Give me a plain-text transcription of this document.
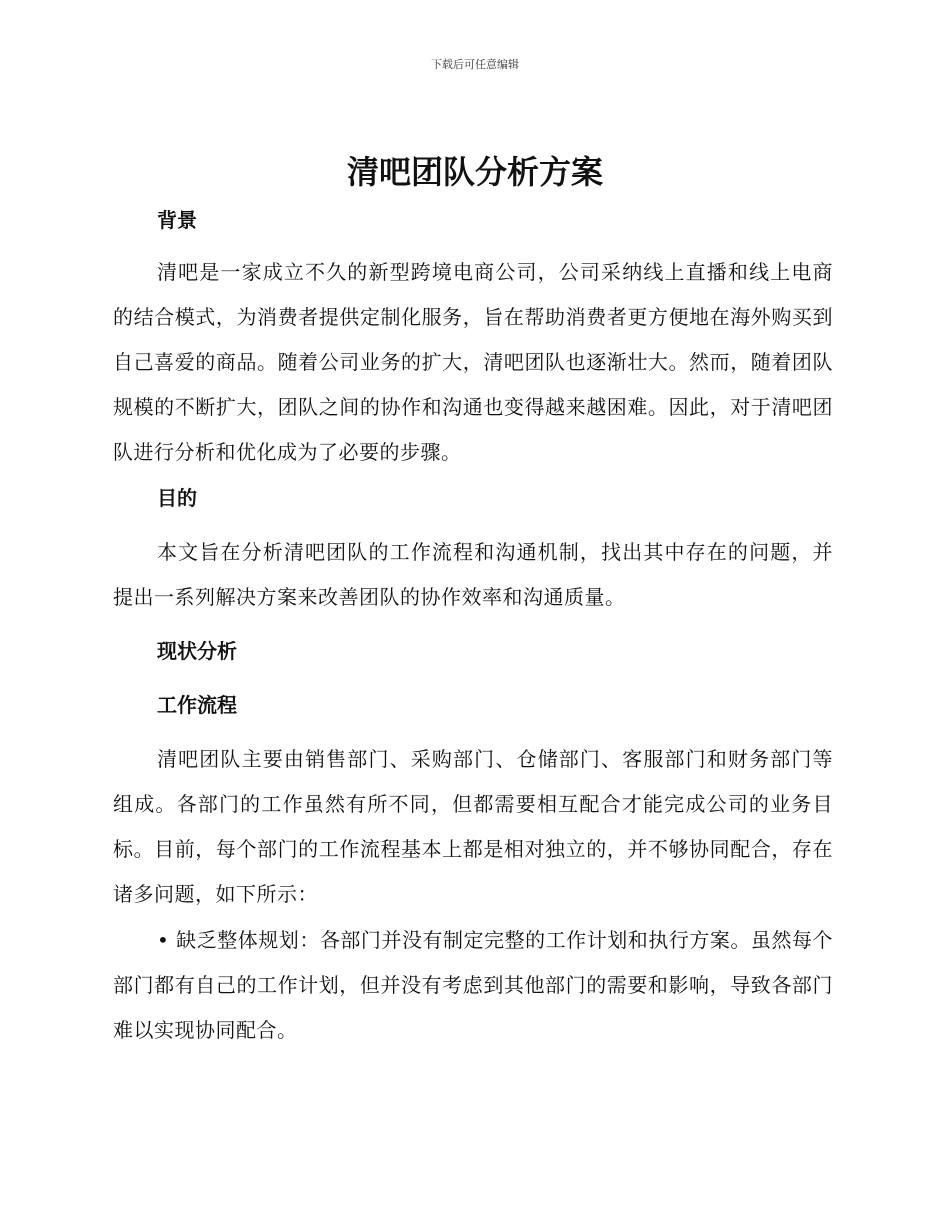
下载后可任意编辑
清吧团队分析方案
背景

清吧是一家成立不久的新型跨境电商公司，公司采纳线上直播和线上电商的结合模式，为消费者提供定制化服务，旨在帮助消费者更方便地在海外购买到自己喜爱的商品。随着公司业务的扩大，清吧团队也逐渐壮大。然而，随着团队规模的不断扩大，团队之间的协作和沟通也变得越来越困难。因此，对于清吧团队进行分析和优化成为了必要的步骤。

目的

本文旨在分析清吧团队的工作流程和沟通机制，找出其中存在的问题，并提出一系列解决方案来改善团队的协作效率和沟通质量。

现状分析
工作流程

清吧团队主要由销售部门、采购部门、仓储部门、客服部门和财务部门等组成。各部门的工作虽然有所不同，但都需要相互配合才能完成公司的业务目标。目前，每个部门的工作流程基本上都是相对独立的，并不够协同配合，存在诸多问题，如下所示：

• 缺乏整体规划：各部门并没有制定完整的工作计划和执行方案。虽然每个部门都有自己的工作计划，但并没有考虑到其他部门的需要和影响，导致各部门难以实现协同配合。
